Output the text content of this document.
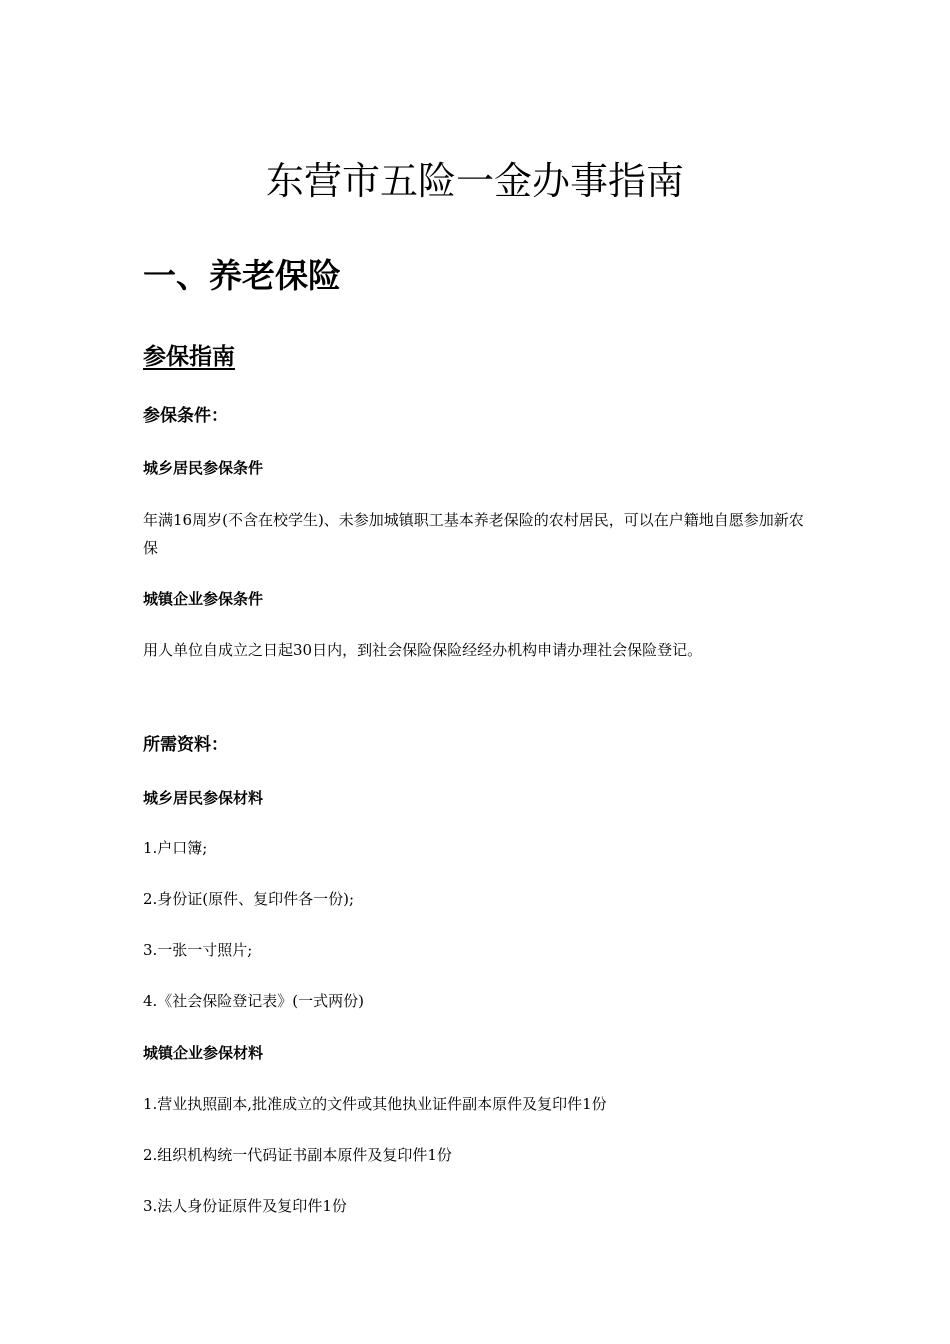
东营市五险一金办事指南
一、养老保险
参保指南

参保条件：

城乡居民参保条件

年满16周岁(不含在校学生)、未参加城镇职工基本养老保险的农村居民，可以在户籍地自愿参加新农保

城镇企业参保条件

用人单位自成立之日起30日内，到社会保险保险经经办机构申请办理社会保险登记。

所需资料：

城乡居民参保材料

1.户口簿;

2.身份证(原件、复印件各一份);

3.一张一寸照片;

4.《社会保险登记表》(一式两份)

城镇企业参保材料

1.营业执照副本,批准成立的文件或其他执业证件副本原件及复印件1份

2.组织机构统一代码证书副本原件及复印件1份

3.法人身份证原件及复印件1份
